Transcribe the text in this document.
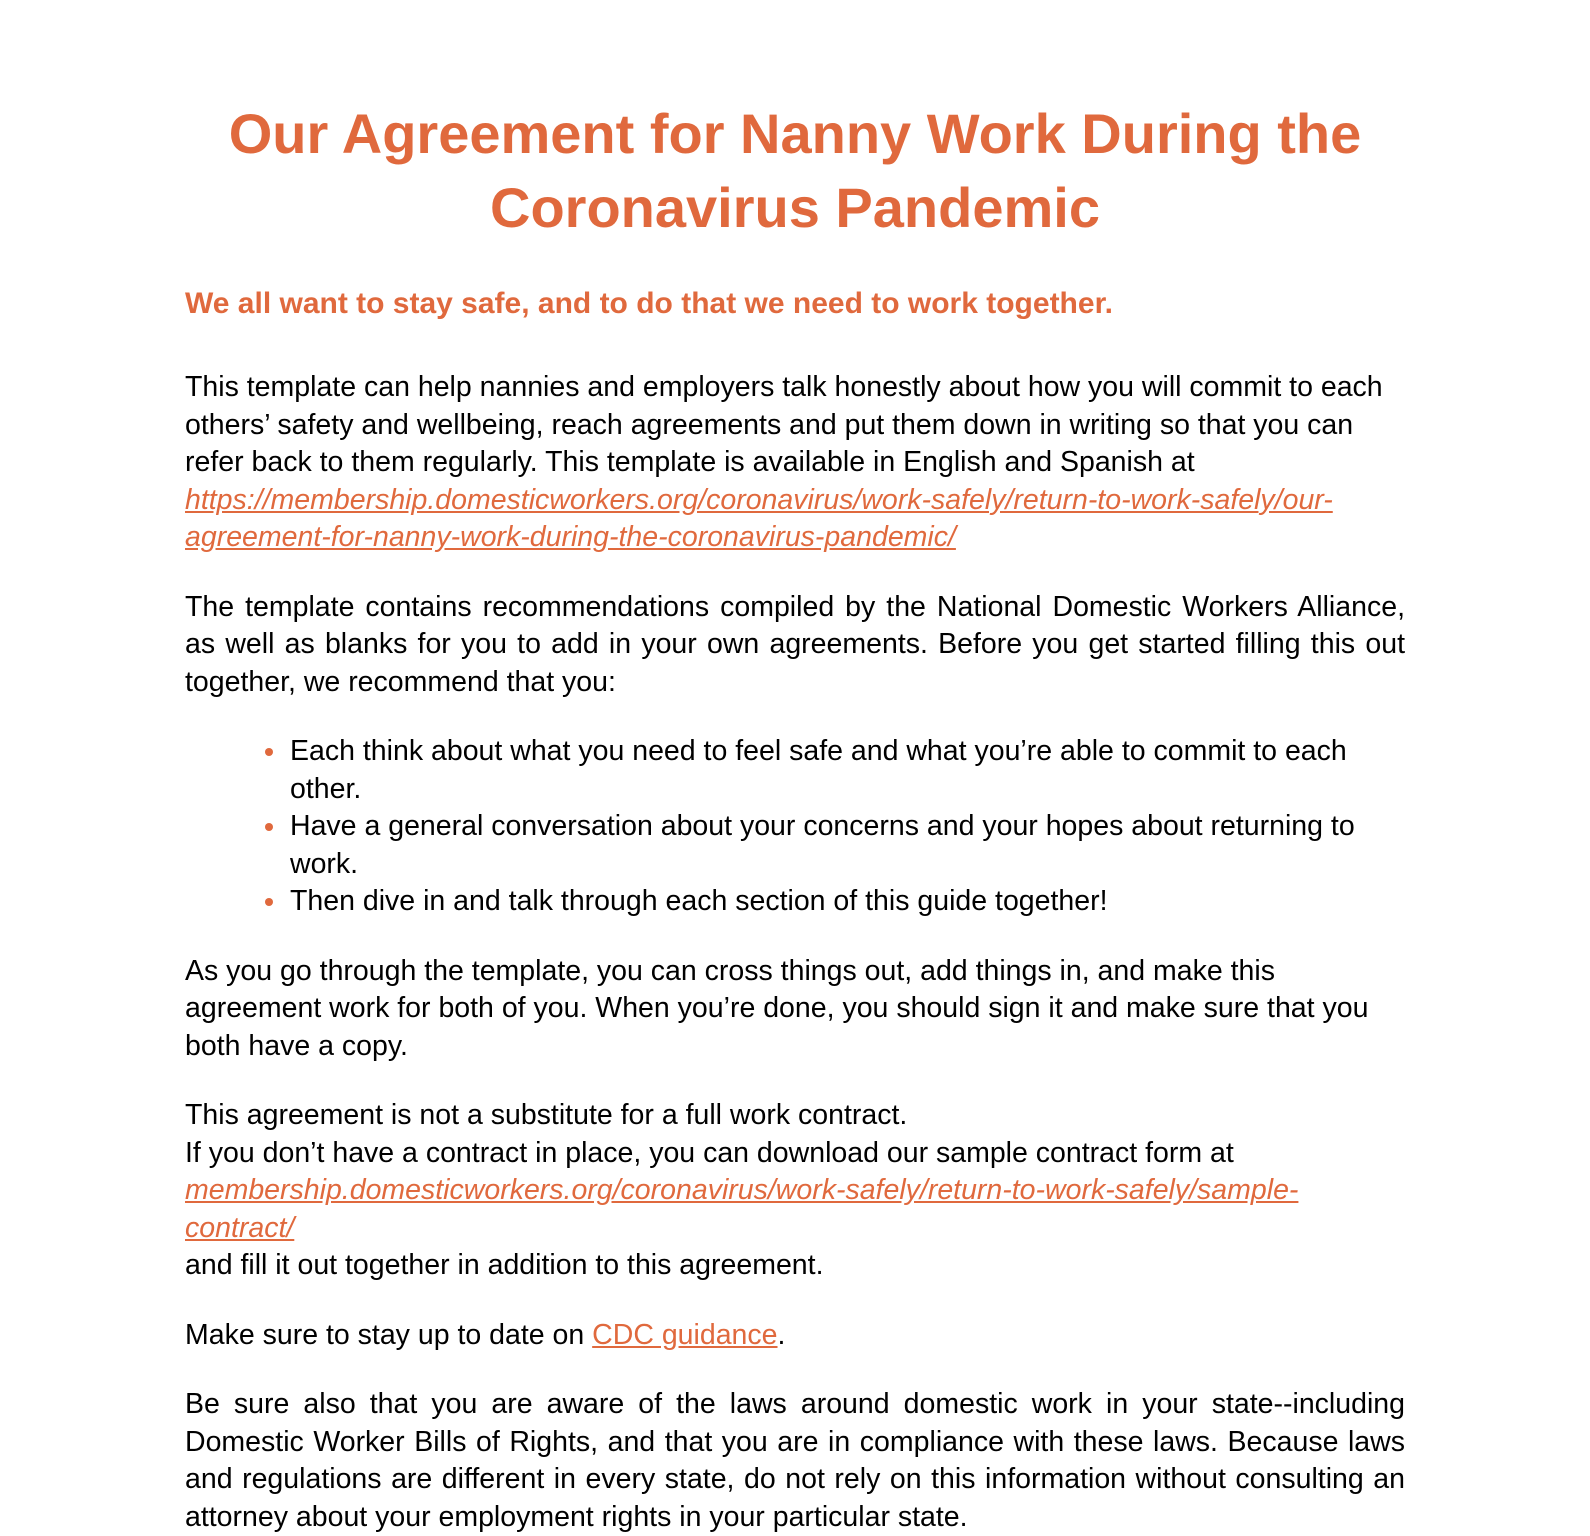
Our Agreement for Nanny Work During the Coronavirus Pandemic
We all want to stay safe, and to do that we need to work together.

This template can help nannies and employers talk honestly about how you will commit to each others’ safety and wellbeing, reach agreements and put them down in writing so that you can refer back to them regularly. This template is available in English and Spanish at https://membership.domesticworkers.org/coronavirus/work-safely/return-to-work-safely/our-agreement-for-nanny-work-during-the-coronavirus-pandemic/

The template contains recommendations compiled by the National Domestic Workers Alliance, as well as blanks for you to add in your own agreements. Before you get started filling this out together, we recommend that you:

• Each think about what you need to feel safe and what you’re able to commit to each other.
• Have a general conversation about your concerns and your hopes about returning to work.
• Then dive in and talk through each section of this guide together!

As you go through the template, you can cross things out, add things in, and make this agreement work for both of you. When you’re done, you should sign it and make sure that you both have a copy.

This agreement is not a substitute for a full work contract.
If you don’t have a contract in place, you can download our sample contract form at
membership.domesticworkers.org/coronavirus/work-safely/return-to-work-safely/sample-contract/
and fill it out together in addition to this agreement.

Make sure to stay up to date on CDC guidance.

Be sure also that you are aware of the laws around domestic work in your state--including Domestic Worker Bills of Rights, and that you are in compliance with these laws. Because laws and regulations are different in every state, do not rely on this information without consulting an attorney about your employment rights in your particular state.
